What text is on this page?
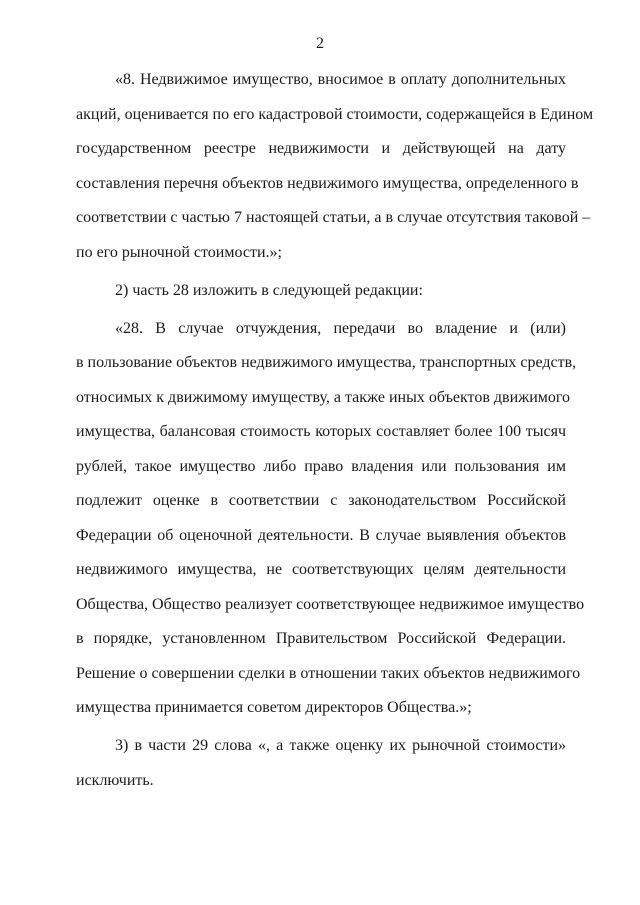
2
«8. Недвижимое имущество, вносимое в оплату дополнительных
акций, оценивается по его кадастровой стоимости, содержащейся в Едином
государственном реестре недвижимости и действующей на дату
составления перечня объектов недвижимого имущества, определенного в
соответствии с частью 7 настоящей статьи, а в случае отсутствия таковой –
по его рыночной стоимости.»;
2) часть 28 изложить в следующей редакции:
«28. В случае отчуждения, передачи во владение и (или)
в пользование объектов недвижимого имущества, транспортных средств,
относимых к движимому имуществу, а также иных объектов движимого
имущества, балансовая стоимость которых составляет более 100 тысяч
рублей, такое имущество либо право владения или пользования им
подлежит оценке в соответствии с законодательством Российской
Федерации об оценочной деятельности. В случае выявления объектов
недвижимого имущества, не соответствующих целям деятельности
Общества, Общество реализует соответствующее недвижимое имущество
в порядке, установленном Правительством Российской Федерации.
Решение о совершении сделки в отношении таких объектов недвижимого
имущества принимается советом директоров Общества.»;
3) в части 29 слова «, а также оценку их рыночной стоимости»
исключить.
